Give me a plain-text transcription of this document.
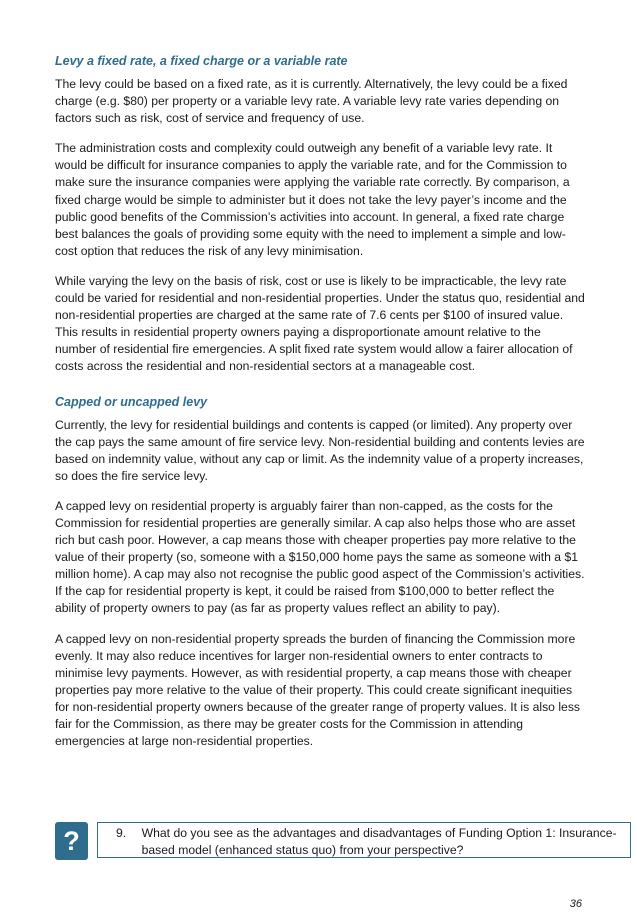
Levy a fixed rate, a fixed charge or a variable rate

The levy could be based on a fixed rate, as it is currently. Alternatively, the levy could be a fixed charge (e.g. $80) per property or a variable levy rate. A variable levy rate varies depending on factors such as risk, cost of service and frequency of use.

The administration costs and complexity could outweigh any benefit of a variable levy rate. It would be difficult for insurance companies to apply the variable rate, and for the Commission to make sure the insurance companies were applying the variable rate correctly. By comparison, a fixed charge would be simple to administer but it does not take the levy payer’s income and the public good benefits of the Commission’s activities into account. In general, a fixed rate charge best balances the goals of providing some equity with the need to implement a simple and low-cost option that reduces the risk of any levy minimisation.

While varying the levy on the basis of risk, cost or use is likely to be impracticable, the levy rate could be varied for residential and non-residential properties. Under the status quo, residential and non-residential properties are charged at the same rate of 7.6 cents per $100 of insured value. This results in residential property owners paying a disproportionate amount relative to the number of residential fire emergencies. A split fixed rate system would allow a fairer allocation of costs across the residential and non-residential sectors at a manageable cost.

Capped or uncapped levy

Currently, the levy for residential buildings and contents is capped (or limited). Any property over the cap pays the same amount of fire service levy. Non-residential building and contents levies are based on indemnity value, without any cap or limit. As the indemnity value of a property increases, so does the fire service levy.

A capped levy on residential property is arguably fairer than non-capped, as the costs for the Commission for residential properties are generally similar. A cap also helps those who are asset rich but cash poor. However, a cap means those with cheaper properties pay more relative to the value of their property (so, someone with a $150,000 home pays the same as someone with a $1 million home). A cap may also not recognise the public good aspect of the Commission’s activities. If the cap for residential property is kept, it could be raised from $100,000 to better reflect the ability of property owners to pay (as far as property values reflect an ability to pay).

A capped levy on non-residential property spreads the burden of financing the Commission more evenly. It may also reduce incentives for larger non-residential owners to enter contracts to minimise levy payments. However, as with residential property, a cap means those with cheaper properties pay more relative to the value of their property. This could create significant inequities for non-residential property owners because of the greater range of property values. It is also less fair for the Commission, as there may be greater costs for the Commission in attending emergencies at large non-residential properties.

?	9.	What do you see as the advantages and disadvantages of Funding Option 1: Insurance-based model (enhanced status quo) from your perspective?
36
